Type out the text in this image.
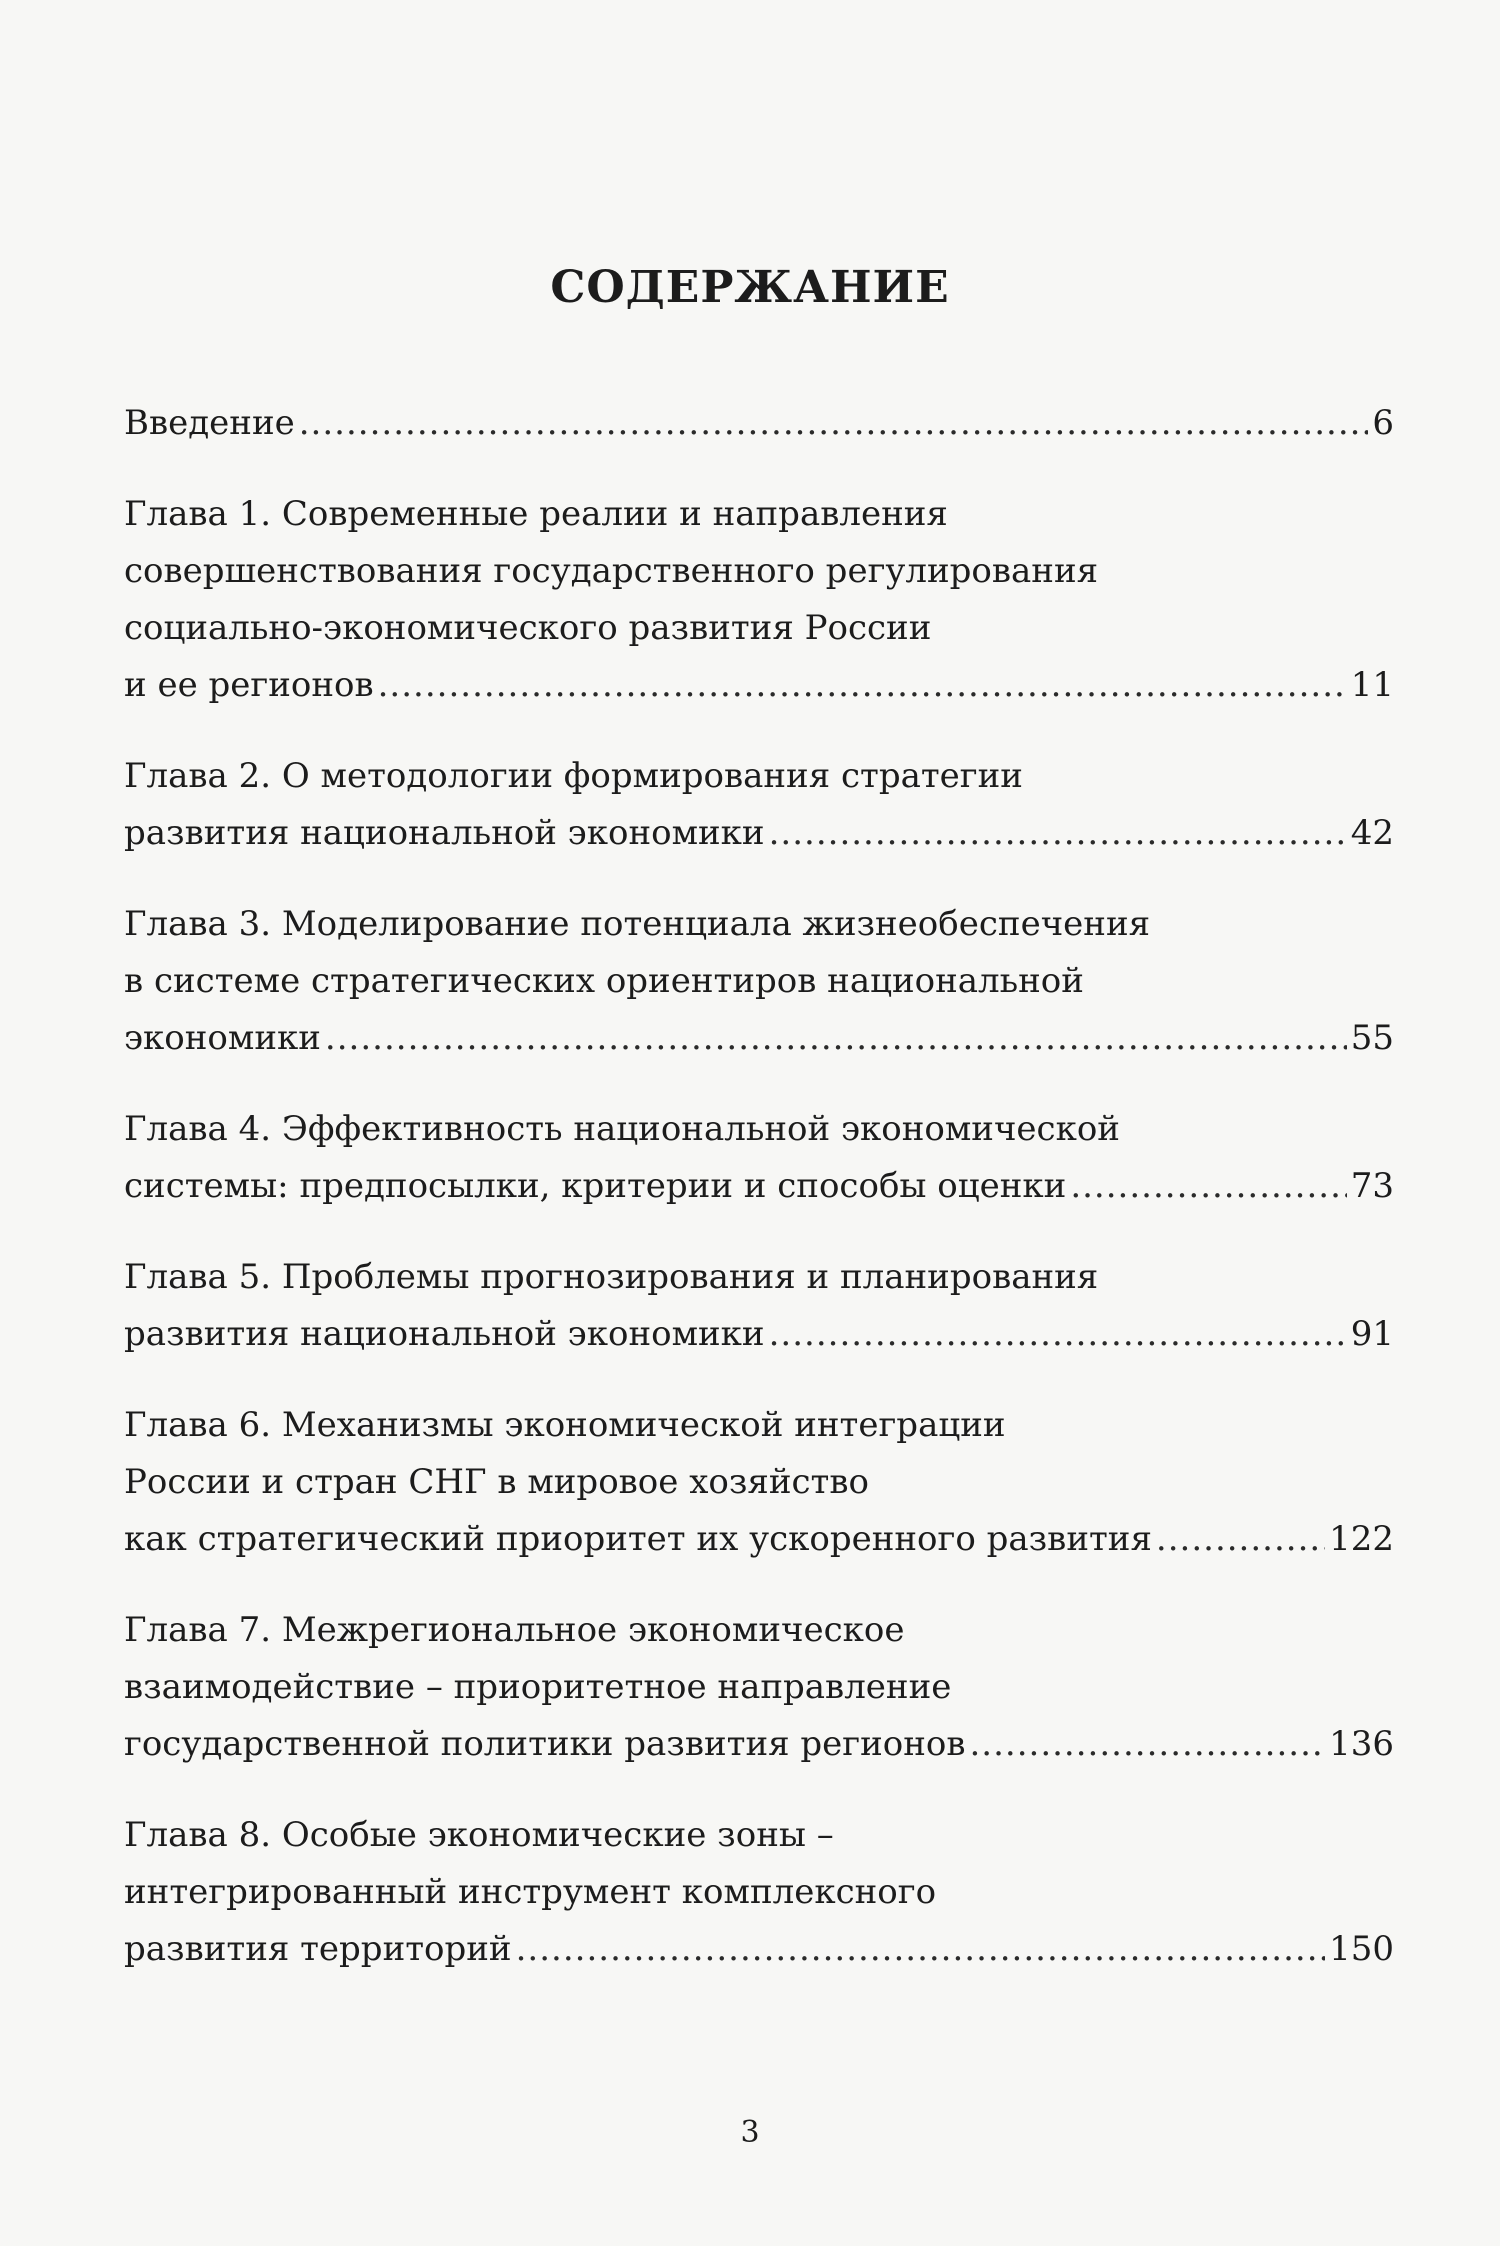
СОДЕРЖАНИЕ
Введение .....	6
Глава 1. Современные реалии и направления
совершенствования государственного регулирования
социально-экономического развития России
и ее регионов .....	11
Глава 2. О методологии формирования стратегии
развития национальной экономики .....	42
Глава 3. Моделирование потенциала жизнеобеспечения
в системе стратегических ориентиров национальной
экономики .....	55
Глава 4. Эффективность национальной экономической
системы: предпосылки, критерии и способы оценки .....	73
Глава 5. Проблемы прогнозирования и планирования
развития национальной экономики .....	91
Глава 6. Механизмы экономической интеграции
России и стран СНГ в мировое хозяйство
как стратегический приоритет их ускоренного развития .....	122
Глава 7. Межрегиональное экономическое
взаимодействие – приоритетное направление
государственной политики развития регионов .....	136
Глава 8. Особые экономические зоны –
интегрированный инструмент комплексного
развития территорий .....	150
3
